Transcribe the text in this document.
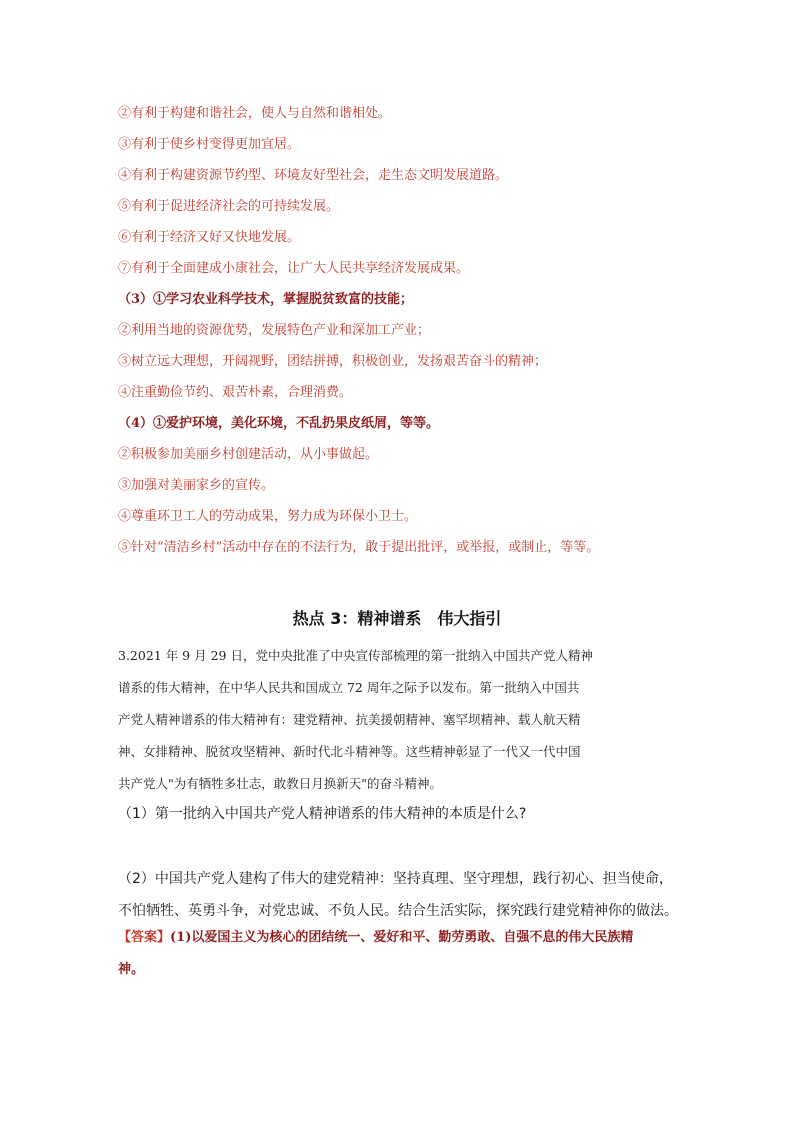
②有利于构建和谐社会，使人与自然和谐相处。
③有利于使乡村变得更加宜居。
④有利于构建资源节约型、环境友好型社会，走生态文明发展道路。
⑤有利于促进经济社会的可持续发展。
⑥有利于经济又好又快地发展。
⑦有利于全面建成小康社会，让广大人民共享经济发展成果。
（3）①学习农业科学技术，掌握脱贫致富的技能；
②利用当地的资源优势，发展特色产业和深加工产业；
③树立远大理想，开阔视野，团结拼搏，积极创业，发扬艰苦奋斗的精神；
④注重勤俭节约、艰苦朴素，合理消费。
（4）①爱护环境，美化环境，不乱扔果皮纸屑，等等。
②积极参加美丽乡村创建活动，从小事做起。
③加强对美丽家乡的宣传。
④尊重环卫工人的劳动成果，努力成为环保小卫士。
⑤针对“清洁乡村”活动中存在的不法行为，敢于提出批评，或举报，或制止，等等。
热点 3：精神谱系　伟大指引
3.2021 年 9 月 29 日，党中央批准了中央宣传部梳理的第一批纳入中国共产党人精神
谱系的伟大精神，在中华人民共和国成立 72 周年之际予以发布。第一批纳入中国共
产党人精神谱系的伟大精神有：建党精神、抗美援朝精神、塞罕坝精神、载人航天精
神、女排精神、脱贫攻坚精神、新时代北斗精神等。这些精神彰显了一代又一代中国
共产党人"为有牺牲多壮志，敢教日月换新天"的奋斗精神。
（1）第一批纳入中国共产党人精神谱系的伟大精神的本质是什么?
（2）中国共产党人建构了伟大的建党精神：坚持真理、坚守理想，践行初心、担当使命，
不怕牺牲、英勇斗争，对党忠诚、不负人民。结合生活实际，探究践行建党精神你的做法。
【答案】(1)以爱国主义为核心的团结统一、爱好和平、勤劳勇敢、自强不息的伟大民族精
神。
